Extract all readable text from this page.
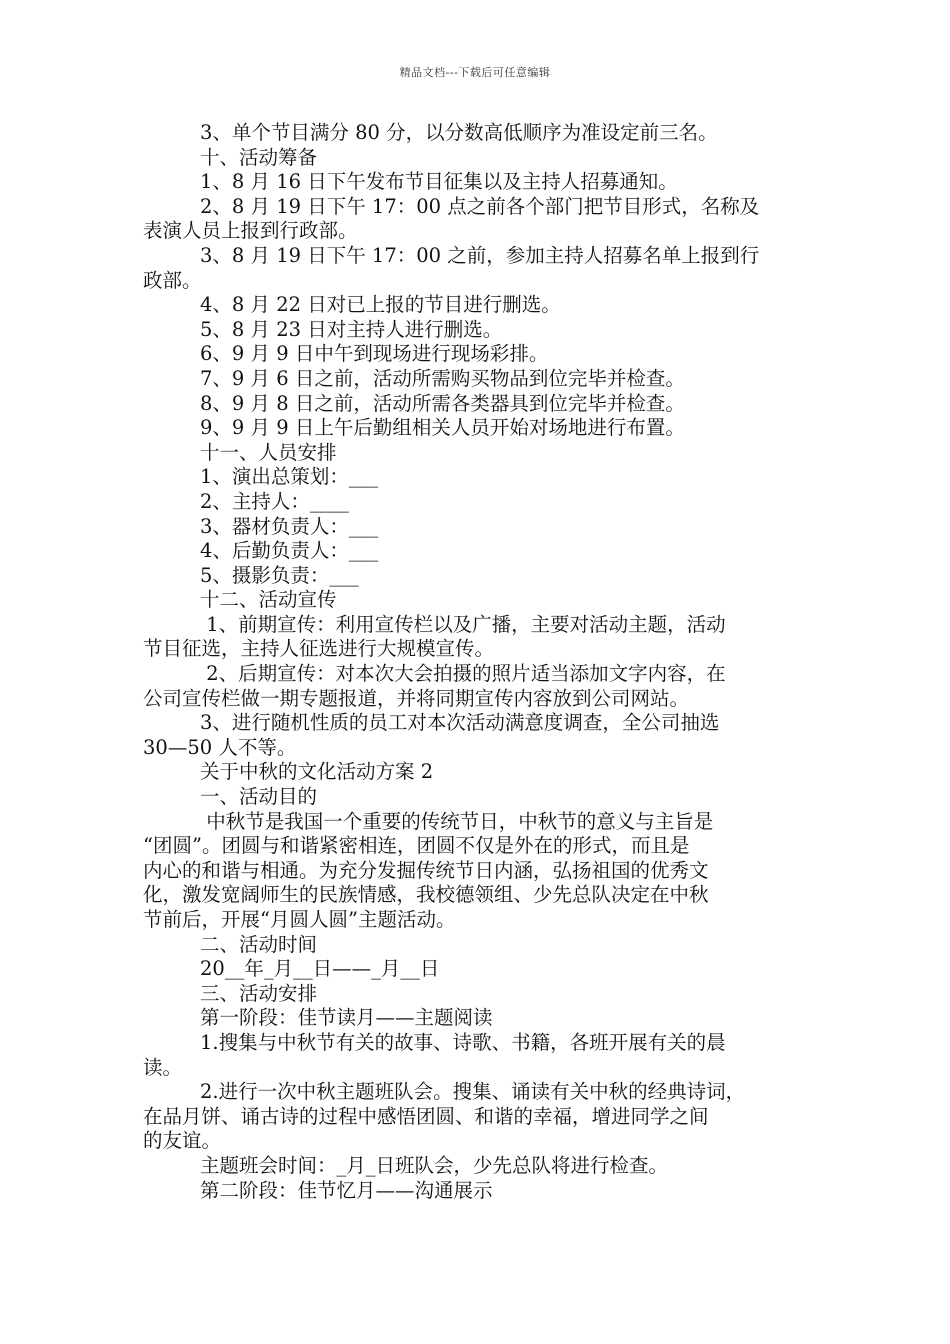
精品文档---下载后可任意编辑
3、单个节目满分 80 分，以分数高低顺序为准设定前三名。
十、活动筹备
1、8 月 16 日下午发布节目征集以及主持人招募通知。
2、8 月 19 日下午 17：00 点之前各个部门把节目形式，名称及
表演人员上报到行政部。
3、8 月 19 日下午 17：00 之前，参加主持人招募名单上报到行
政部。
4、8 月 22 日对已上报的节目进行删选。
5、8 月 23 日对主持人进行删选。
6、9 月 9 日中午到现场进行现场彩排。
7、9 月 6 日之前，活动所需购买物品到位完毕并检查。
8、9 月 8 日之前，活动所需各类器具到位完毕并检查。
9、9 月 9 日上午后勤组相关人员开始对场地进行布置。
十一、人员安排
1、演出总策划：___
2、主持人：____
3、器材负责人：___
4、后勤负责人：___
5、摄影负责：___
十二、活动宣传
1、前期宣传：利用宣传栏以及广播，主要对活动主题，活动
节目征选，主持人征选进行大规模宣传。
2、后期宣传：对本次大会拍摄的照片适当添加文字内容，在
公司宣传栏做一期专题报道，并将同期宣传内容放到公司网站。
3、进行随机性质的员工对本次活动满意度调查，全公司抽选
30—50 人不等。
关于中秋的文化活动方案 2
一、活动目的
中秋节是我国一个重要的传统节日，中秋节的意义与主旨是
“团圆”。团圆与和谐紧密相连，团圆不仅是外在的形式，而且是
内心的和谐与相通。为充分发掘传统节日内涵，弘扬祖国的优秀文
化，激发宽阔师生的民族情感，我校德领组、少先总队决定在中秋
节前后，开展“月圆人圆”主题活动。
二、活动时间
20__年_月__日——_月__日
三、活动安排
第一阶段：佳节读月——主题阅读
1.搜集与中秋节有关的故事、诗歌、书籍，各班开展有关的晨
读。
2.进行一次中秋主题班队会。搜集、诵读有关中秋的经典诗词，
在品月饼、诵古诗的过程中感悟团圆、和谐的幸福，增进同学之间
的友谊。
主题班会时间：_月_日班队会，少先总队将进行检查。
第二阶段：佳节忆月——沟通展示
